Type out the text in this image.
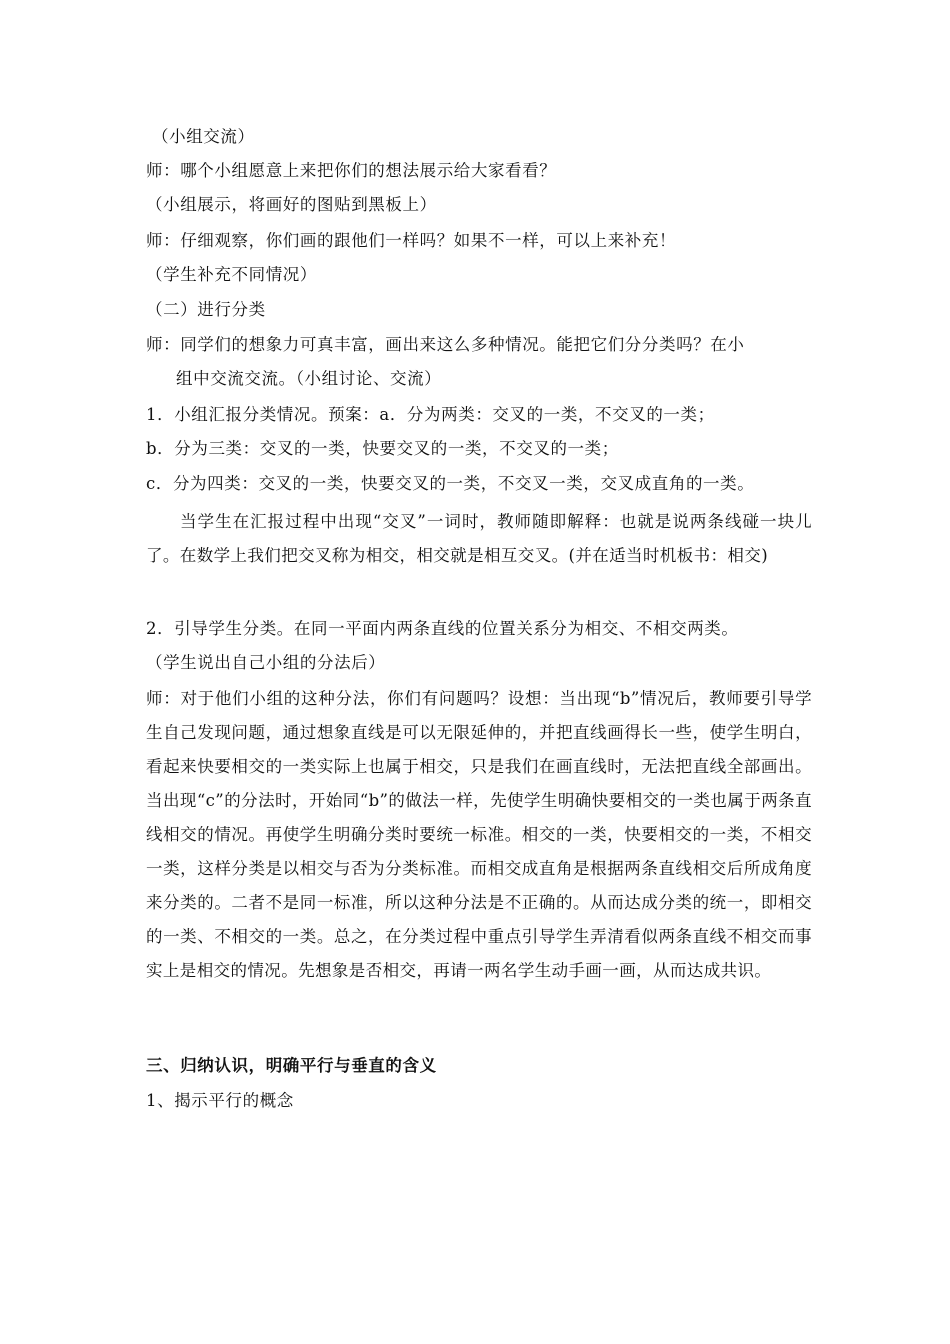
（小组交流）
师：哪个小组愿意上来把你们的想法展示给大家看看？
（小组展示，将画好的图贴到黑板上）
师：仔细观察，你们画的跟他们一样吗？如果不一样，可以上来补充！
（学生补充不同情况）
（二）进行分类
师：同学们的想象力可真丰富，画出来这么多种情况。能把它们分分类吗？在小
组中交流交流。（小组讨论、交流）
1．小组汇报分类情况。预案：a．分为两类：交叉的一类，不交叉的一类；
b．分为三类：交叉的一类，快要交叉的一类，不交叉的一类；
c．分为四类：交叉的一类，快要交叉的一类，不交叉一类，交叉成直角的一类。

当学生在汇报过程中出现“交叉”一词时，教师随即解释：也就是说两条线碰一块儿了。在数学上我们把交叉称为相交，相交就是相互交叉。(并在适当时机板书：相交)

2．引导学生分类。在同一平面内两条直线的位置关系分为相交、不相交两类。
（学生说出自己小组的分法后）

师：对于他们小组的这种分法，你们有问题吗？设想：当出现“b”情况后，教师要引导学生自己发现问题，通过想象直线是可以无限延伸的，并把直线画得长一些，使学生明白，看起来快要相交的一类实际上也属于相交，只是我们在画直线时，无法把直线全部画出。当出现“c”的分法时，开始同“b”的做法一样，先使学生明确快要相交的一类也属于两条直线相交的情况。再使学生明确分类时要统一标准。相交的一类，快要相交的一类，不相交一类，这样分类是以相交与否为分类标准。而相交成直角是根据两条直线相交后所成角度来分类的。二者不是同一标准，所以这种分法是不正确的。从而达成分类的统一，即相交的一类、不相交的一类。总之，在分类过程中重点引导学生弄清看似两条直线不相交而事实上是相交的情况。先想象是否相交，再请一两名学生动手画一画，从而达成共识。

三、归纳认识，明确平行与垂直的含义
1、揭示平行的概念
